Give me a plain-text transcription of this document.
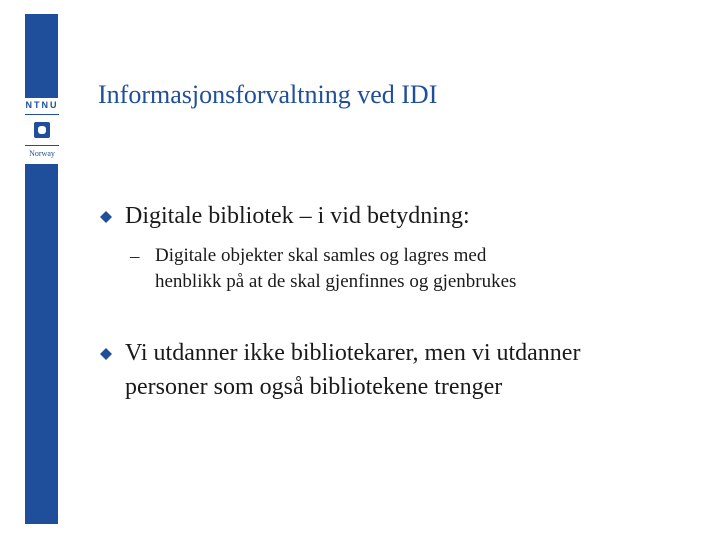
NTNU
Norway
Informasjonsforvaltning ved IDI
Digitale bibliotek – i vid betydning:
– Digitale objekter skal samles og lagres med
henblikk på at de skal gjenfinnes og gjenbrukes
Vi utdanner ikke bibliotekarer, men vi utdanner
personer som også bibliotekene trenger
